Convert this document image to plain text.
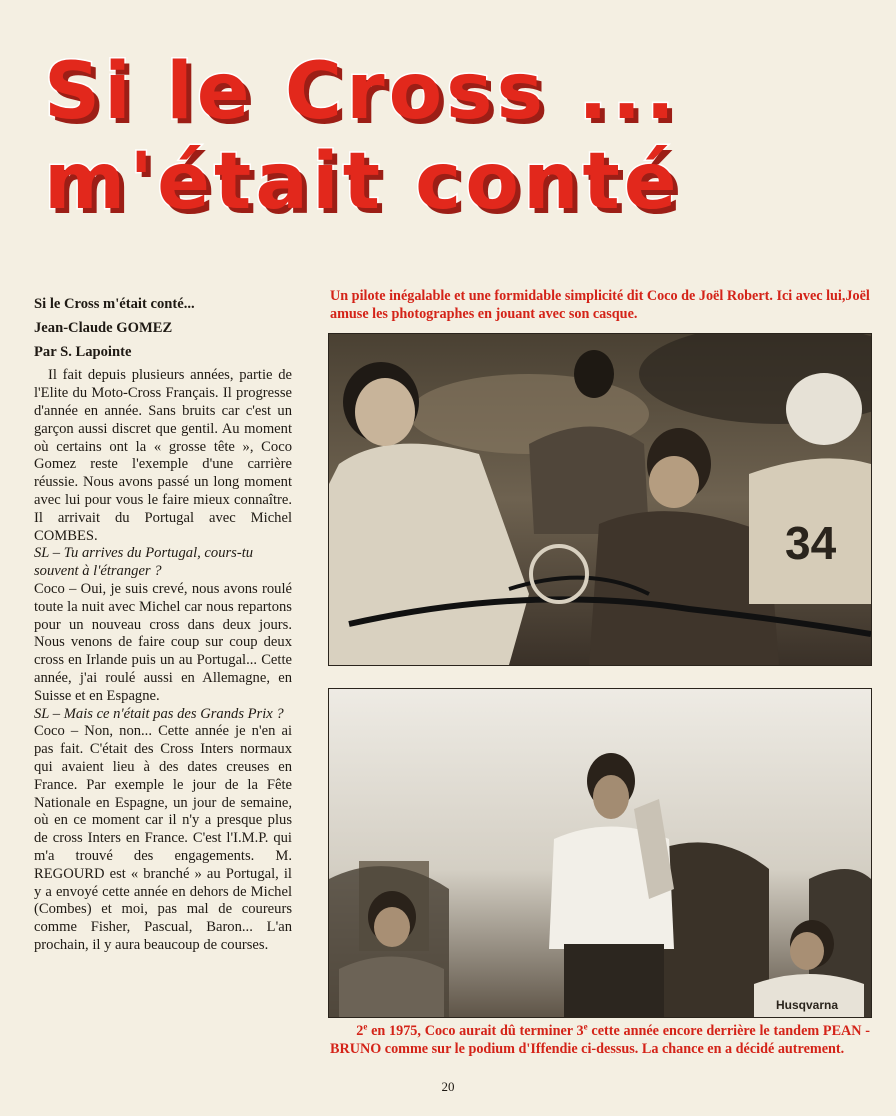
Si le Cross ...
m'était conté

Si le Cross m'était conté...

Jean-Claude GOMEZ

Par S. Lapointe

Il fait depuis plusieurs années, partie de l'Elite du Moto-Cross Français. Il progresse d'année en année. Sans bruits car c'est un garçon aussi discret que gentil. Au moment où certains ont la « grosse tête », Coco Gomez reste l'exemple d'une carrière réussie. Nous avons passé un long moment avec lui pour vous le faire mieux connaître. Il arrivait du Portugal avec Michel COMBES.

SL – Tu arrives du Portugal, cours-tu souvent à l'étranger ?

Coco – Oui, je suis crevé, nous avons roulé toute la nuit avec Michel car nous repartons pour un nouveau cross dans deux jours. Nous venons de faire coup sur coup deux cross en Irlande puis un au Portugal... Cette année, j'ai roulé aussi en Allemagne, en Suisse et en Espagne.

SL – Mais ce n'était pas des Grands Prix ?

Coco – Non, non... Cette année je n'en ai pas fait. C'était des Cross Inters normaux qui avaient lieu à des dates creuses en France. Par exemple le jour de la Fête Nationale en Espagne, un jour de semaine, où en ce moment car il n'y a presque plus de cross Inters en France. C'est l'I.M.P. qui m'a trouvé des engagements. M. REGOURD est « branché » au Portugal, il y a envoyé cette année en dehors de Michel (Combes) et moi, pas mal de coureurs comme Fisher, Pascual, Baron... L'an prochain, il y aura beaucoup de courses.

Un pilote inégalable et une formidable simplicité dit Coco de Joël Robert. Ici avec lui,Joël amuse les photographes en jouant avec son casque.
34
Husqvarna
2e en 1975, Coco aurait dû terminer 3e cette année encore derrière le tandem PEAN - BRUNO comme sur le podium d'Iffendie ci-dessus. La chance en a décidé autrement.
20
